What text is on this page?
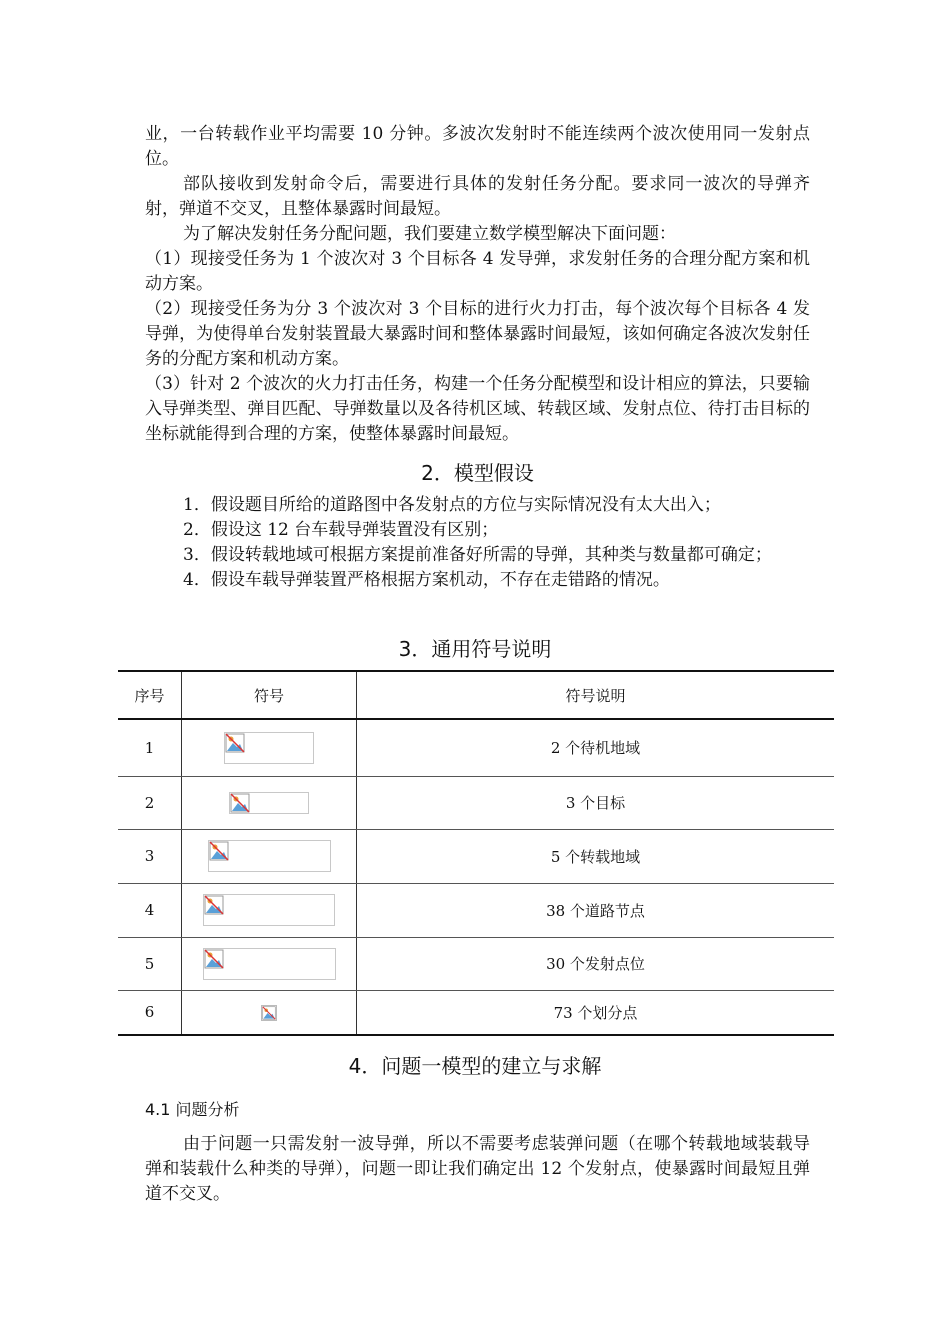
业，一台转载作业平均需要 10 分钟。多波次发射时不能连续两个波次使用同一发射点位。

部队接收到发射命令后，需要进行具体的发射任务分配。要求同一波次的导弹齐射，弹道不交叉，且整体暴露时间最短。

为了解决发射任务分配问题，我们要建立数学模型解决下面问题：

（1）现接受任务为 1 个波次对 3 个目标各 4 发导弹，求发射任务的合理分配方案和机动方案。

（2）现接受任务为分 3 个波次对 3 个目标的进行火力打击，每个波次每个目标各 4 发导弹，为使得单台发射装置最大暴露时间和整体暴露时间最短，该如何确定各波次发射任务的分配方案和机动方案。

（3）针对 2 个波次的火力打击任务，构建一个任务分配模型和设计相应的算法，只要输入导弹类型、弹目匹配、导弹数量以及各待机区域、转载区域、发射点位、待打击目标的坐标就能得到合理的方案，使整体暴露时间最短。

2．模型假设

1．假设题目所给的道路图中各发射点的方位与实际情况没有太大出入；

2．假设这 12 台车载导弹装置没有区别；

3．假设转载地域可根据方案提前准备好所需的导弹，其种类与数量都可确定；

4．假设车载导弹装置严格根据方案机动，不存在走错路的情况。

3．通用符号说明
序号	符号	符号说明
1		2 个待机地域
2		3 个目标
3		5 个转载地域
4		38 个道路节点
5		30 个发射点位
6		73 个划分点
4．问题一模型的建立与求解
4.1 问题分析

由于问题一只需发射一波导弹，所以不需要考虑装弹问题（在哪个转载地域装载导弹和装载什么种类的导弹），问题一即让我们确定出 12 个发射点，使暴露时间最短且弹道不交叉。
